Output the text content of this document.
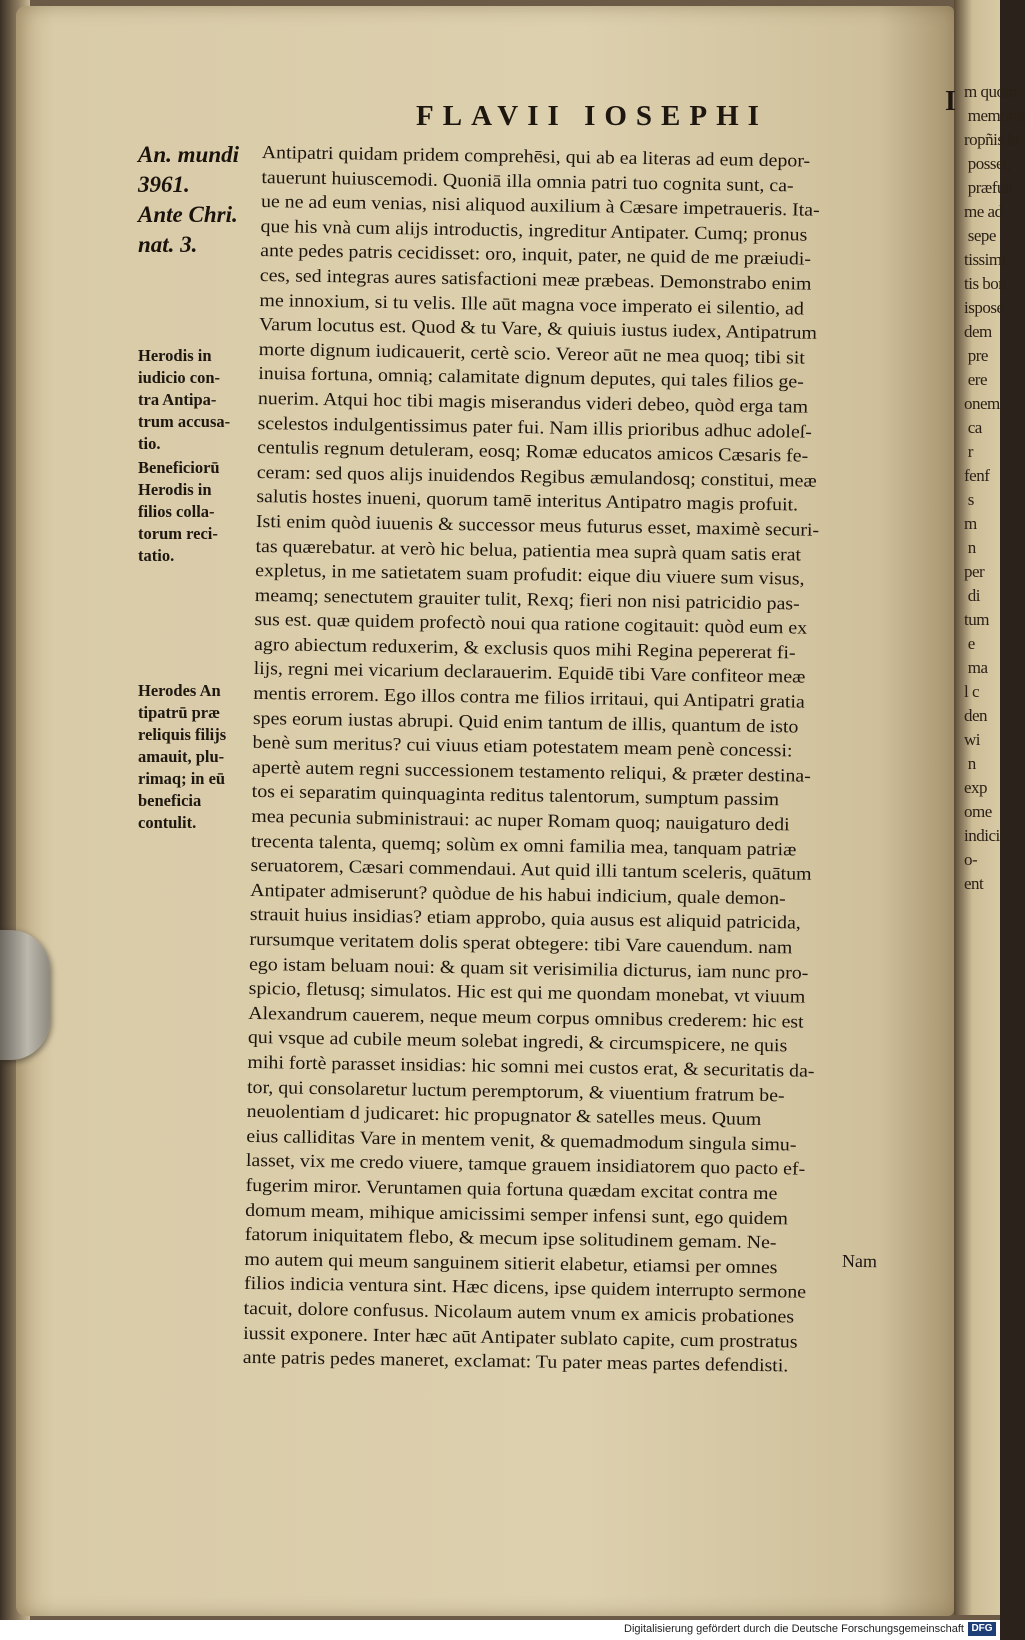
m quom
memorat
ropñis la
posset,
præfuit
me ad
sepe
tissimi
tis bon
ispose
dem
pre
ere
onem
ca
r
fenf
s
m
n
per
di
tum
e
ma
l c
den
wi
n
exp
ome
indici
o-
ent
FLAVII IOSEPHI	I
An. mundi
3961.
Ante Chri.
nat. 3.
Herodis in
iudicio con-
tra Antipa-
trum accusa-
tio.
Beneficiorū
Herodis in
filios colla-
torum reci-
tatio.
Herodes An
tipatrū præ
reliquis filijs
amauit, plu-
rimaq; in eū
beneficia
contulit.
Antipatri quidam pridem comprehēsi, qui ab ea literas ad eum depor-
tauerunt huiuscemodi. Quoniā illa omnia patri tuo cognita sunt, ca-
ue ne ad eum venias, nisi aliquod auxilium à Cæsare impetraueris. Ita-
que his vnà cum alijs introductis, ingreditur Antipater. Cumq; pronus
ante pedes patris cecidisset: oro, inquit, pater, ne quid de me præiudi-
ces, sed integras aures satisfactioni meæ præbeas. Demonstrabo enim
me innoxium, si tu velis. Ille aūt magna voce imperato ei silentio, ad
Varum locutus est. Quod & tu Vare, & quiuis iustus iudex, Antipatrum
morte dignum iudicauerit, certè scio. Vereor aūt ne mea quoq; tibi sit
inuisa fortuna, omnią; calamitate dignum deputes, qui tales filios ge-
nuerim. Atqui hoc tibi magis miserandus videri debeo, quòd erga tam
scelestos indulgentissimus pater fui. Nam illis prioribus adhuc adoleſ-
centulis regnum detuleram, eosq; Romæ educatos amicos Cæsaris fe-
ceram: sed quos alijs inuidendos Regibus æmulandosq; constitui, meæ
salutis hostes inueni, quorum tamē interitus Antipatro magis profuit.
Isti enim quòd iuuenis & successor meus futurus esset, maximè securi-
tas quærebatur. at verò hic belua, patientia mea suprà quam satis erat
expletus, in me satietatem suam profudit: eique diu viuere sum visus,
meamq; senectutem grauiter tulit, Rexq; fieri non nisi patricidio pas-
sus est. quæ quidem profectò noui qua ratione cogitauit: quòd eum ex
agro abiectum reduxerim, & exclusis quos mihi Regina pepererat fi-
lijs, regni mei vicarium declarauerim. Equidē tibi Vare confiteor meæ
mentis errorem. Ego illos contra me filios irritaui, qui Antipatri gratia
spes eorum iustas abrupi. Quid enim tantum de illis, quantum de isto
benè sum meritus? cui viuus etiam potestatem meam penè concessi:
apertè autem regni successionem testamento reliqui, & præter destina-
tos ei separatim quinquaginta reditus talentorum, sumptum passim
mea pecunia subministraui: ac nuper Romam quoq; nauigaturo dedi
trecenta talenta, quemq; solùm ex omni familia mea, tanquam patriæ
seruatorem, Cæsari commendaui. Aut quid illi tantum sceleris, quātum
Antipater admiserunt? quòdue de his habui indicium, quale demon-
strauit huius insidias? etiam approbo, quia ausus est aliquid patricida,
rursumque veritatem dolis sperat obtegere: tibi Vare cauendum. nam
ego istam beluam noui: & quam sit verisimilia dicturus, iam nunc pro-
spicio, fletusq; simulatos. Hic est qui me quondam monebat, vt viuum
Alexandrum cauerem, neque meum corpus omnibus crederem: hic est
qui vsque ad cubile meum solebat ingredi, & circumspicere, ne quis
mihi fortè parasset insidias: hic somni mei custos erat, & securitatis da-
tor, qui consolaretur luctum peremptorum, & viuentium fratrum be-
neuolentiam d judicaret: hic propugnator & satelles meus. Quum
eius calliditas Vare in mentem venit, & quemadmodum singula simu-
lasset, vix me credo viuere, tamque grauem insidiatorem quo pacto ef-
fugerim miror. Veruntamen quia fortuna quædam excitat contra me
domum meam, mihique amicissimi semper infensi sunt, ego quidem
fatorum iniquitatem flebo, & mecum ipse solitudinem gemam. Ne-
mo autem qui meum sanguinem sitierit elabetur, etiamsi per omnes
filios indicia ventura sint. Hæc dicens, ipse quidem interrupto sermone
tacuit, dolore confusus. Nicolaum autem vnum ex amicis probationes
iussit exponere. Inter hæc aūt Antipater sublato capite, cum prostratus
ante patris pedes maneret, exclamat: Tu pater meas partes defendisti.
Nam
Digitalisierung gefördert durch die Deutsche Forschungsgemeinschaft DFG
